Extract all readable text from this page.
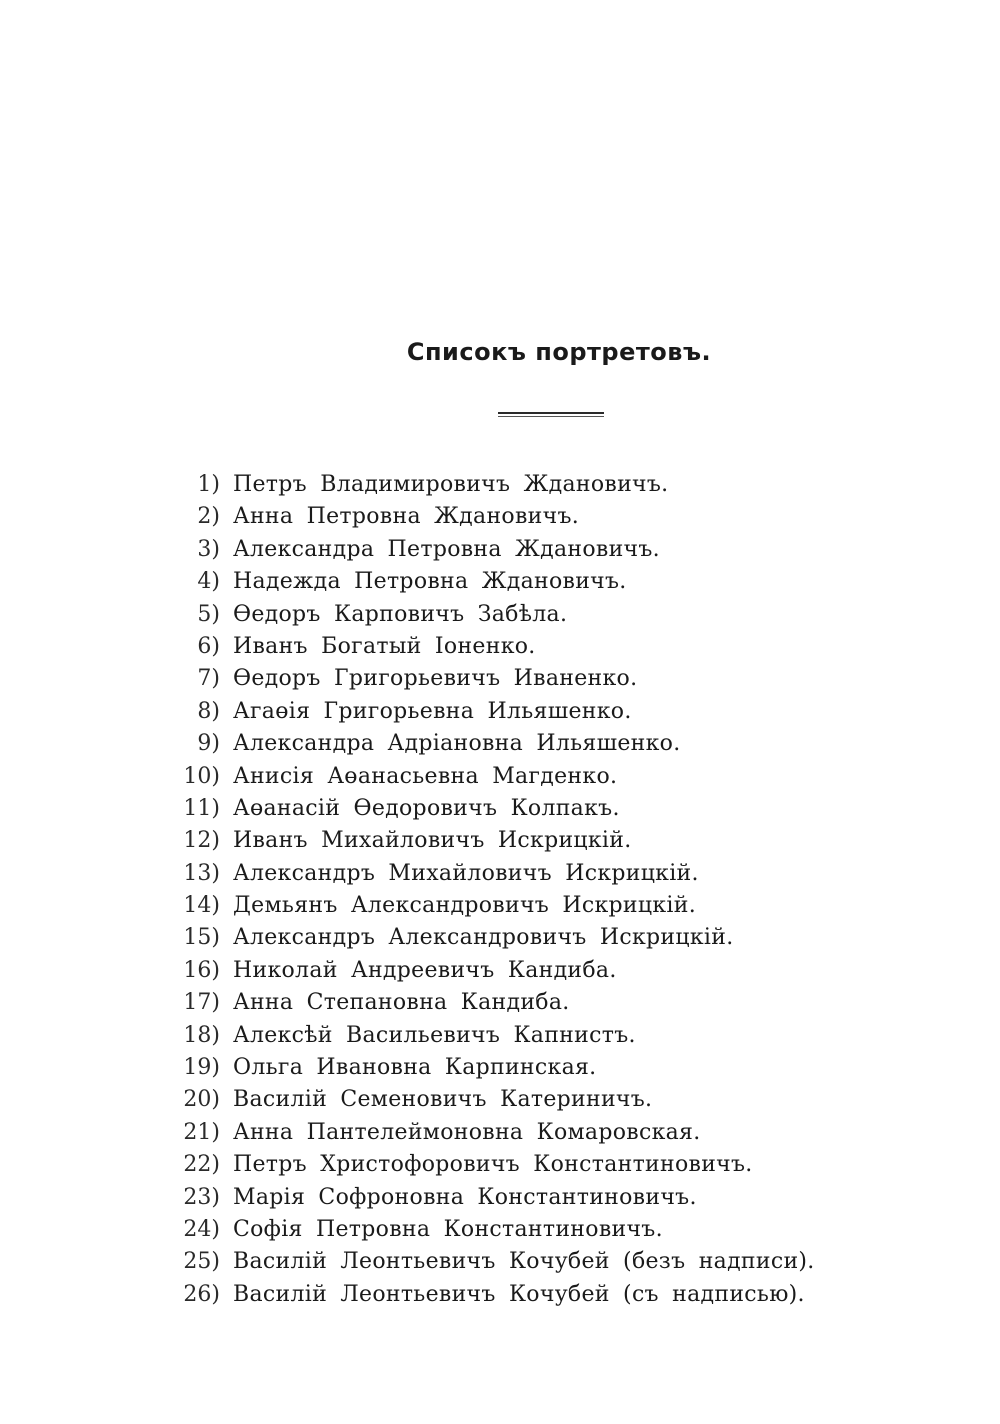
Списокъ портретовъ.
1) Петръ Владимировичъ Ждановичъ.
2) Анна Петровна Ждановичъ.
3) Александра Петровна Ждановичъ.
4) Надежда Петровна Ждановичъ.
5) Өедоръ Карповичъ Забѣла.
6) Иванъ Богатый Іоненко.
7) Өедоръ Григорьевичъ Иваненко.
8) Агаөія Григорьевна Ильяшенко.
9) Александра Адріановна Ильяшенко.
10) Анисія Аөанасьевна Магденко.
11) Аөанасій Өедоровичъ Колпакъ.
12) Иванъ Михайловичъ Искрицкій.
13) Александръ Михайловичъ Искрицкій.
14) Демьянъ Александровичъ Искрицкій.
15) Александръ Александровичъ Искрицкій.
16) Николай Андреевичъ Кандиба.
17) Анна Степановна Кандиба.
18) Алексѣй Васильевичъ Капнистъ.
19) Ольга Ивановна Карпинская.
20) Василій Семеновичъ Катериничъ.
21) Анна Пантелеймоновна Комаровская.
22) Петръ Христофоровичъ Константиновичъ.
23) Марія Софроновна Константиновичъ.
24) Софія Петровна Константиновичъ.
25) Василій Леонтьевичъ Кочубей (безъ надписи).
26) Василій Леонтьевичъ Кочубей (съ надписью).
